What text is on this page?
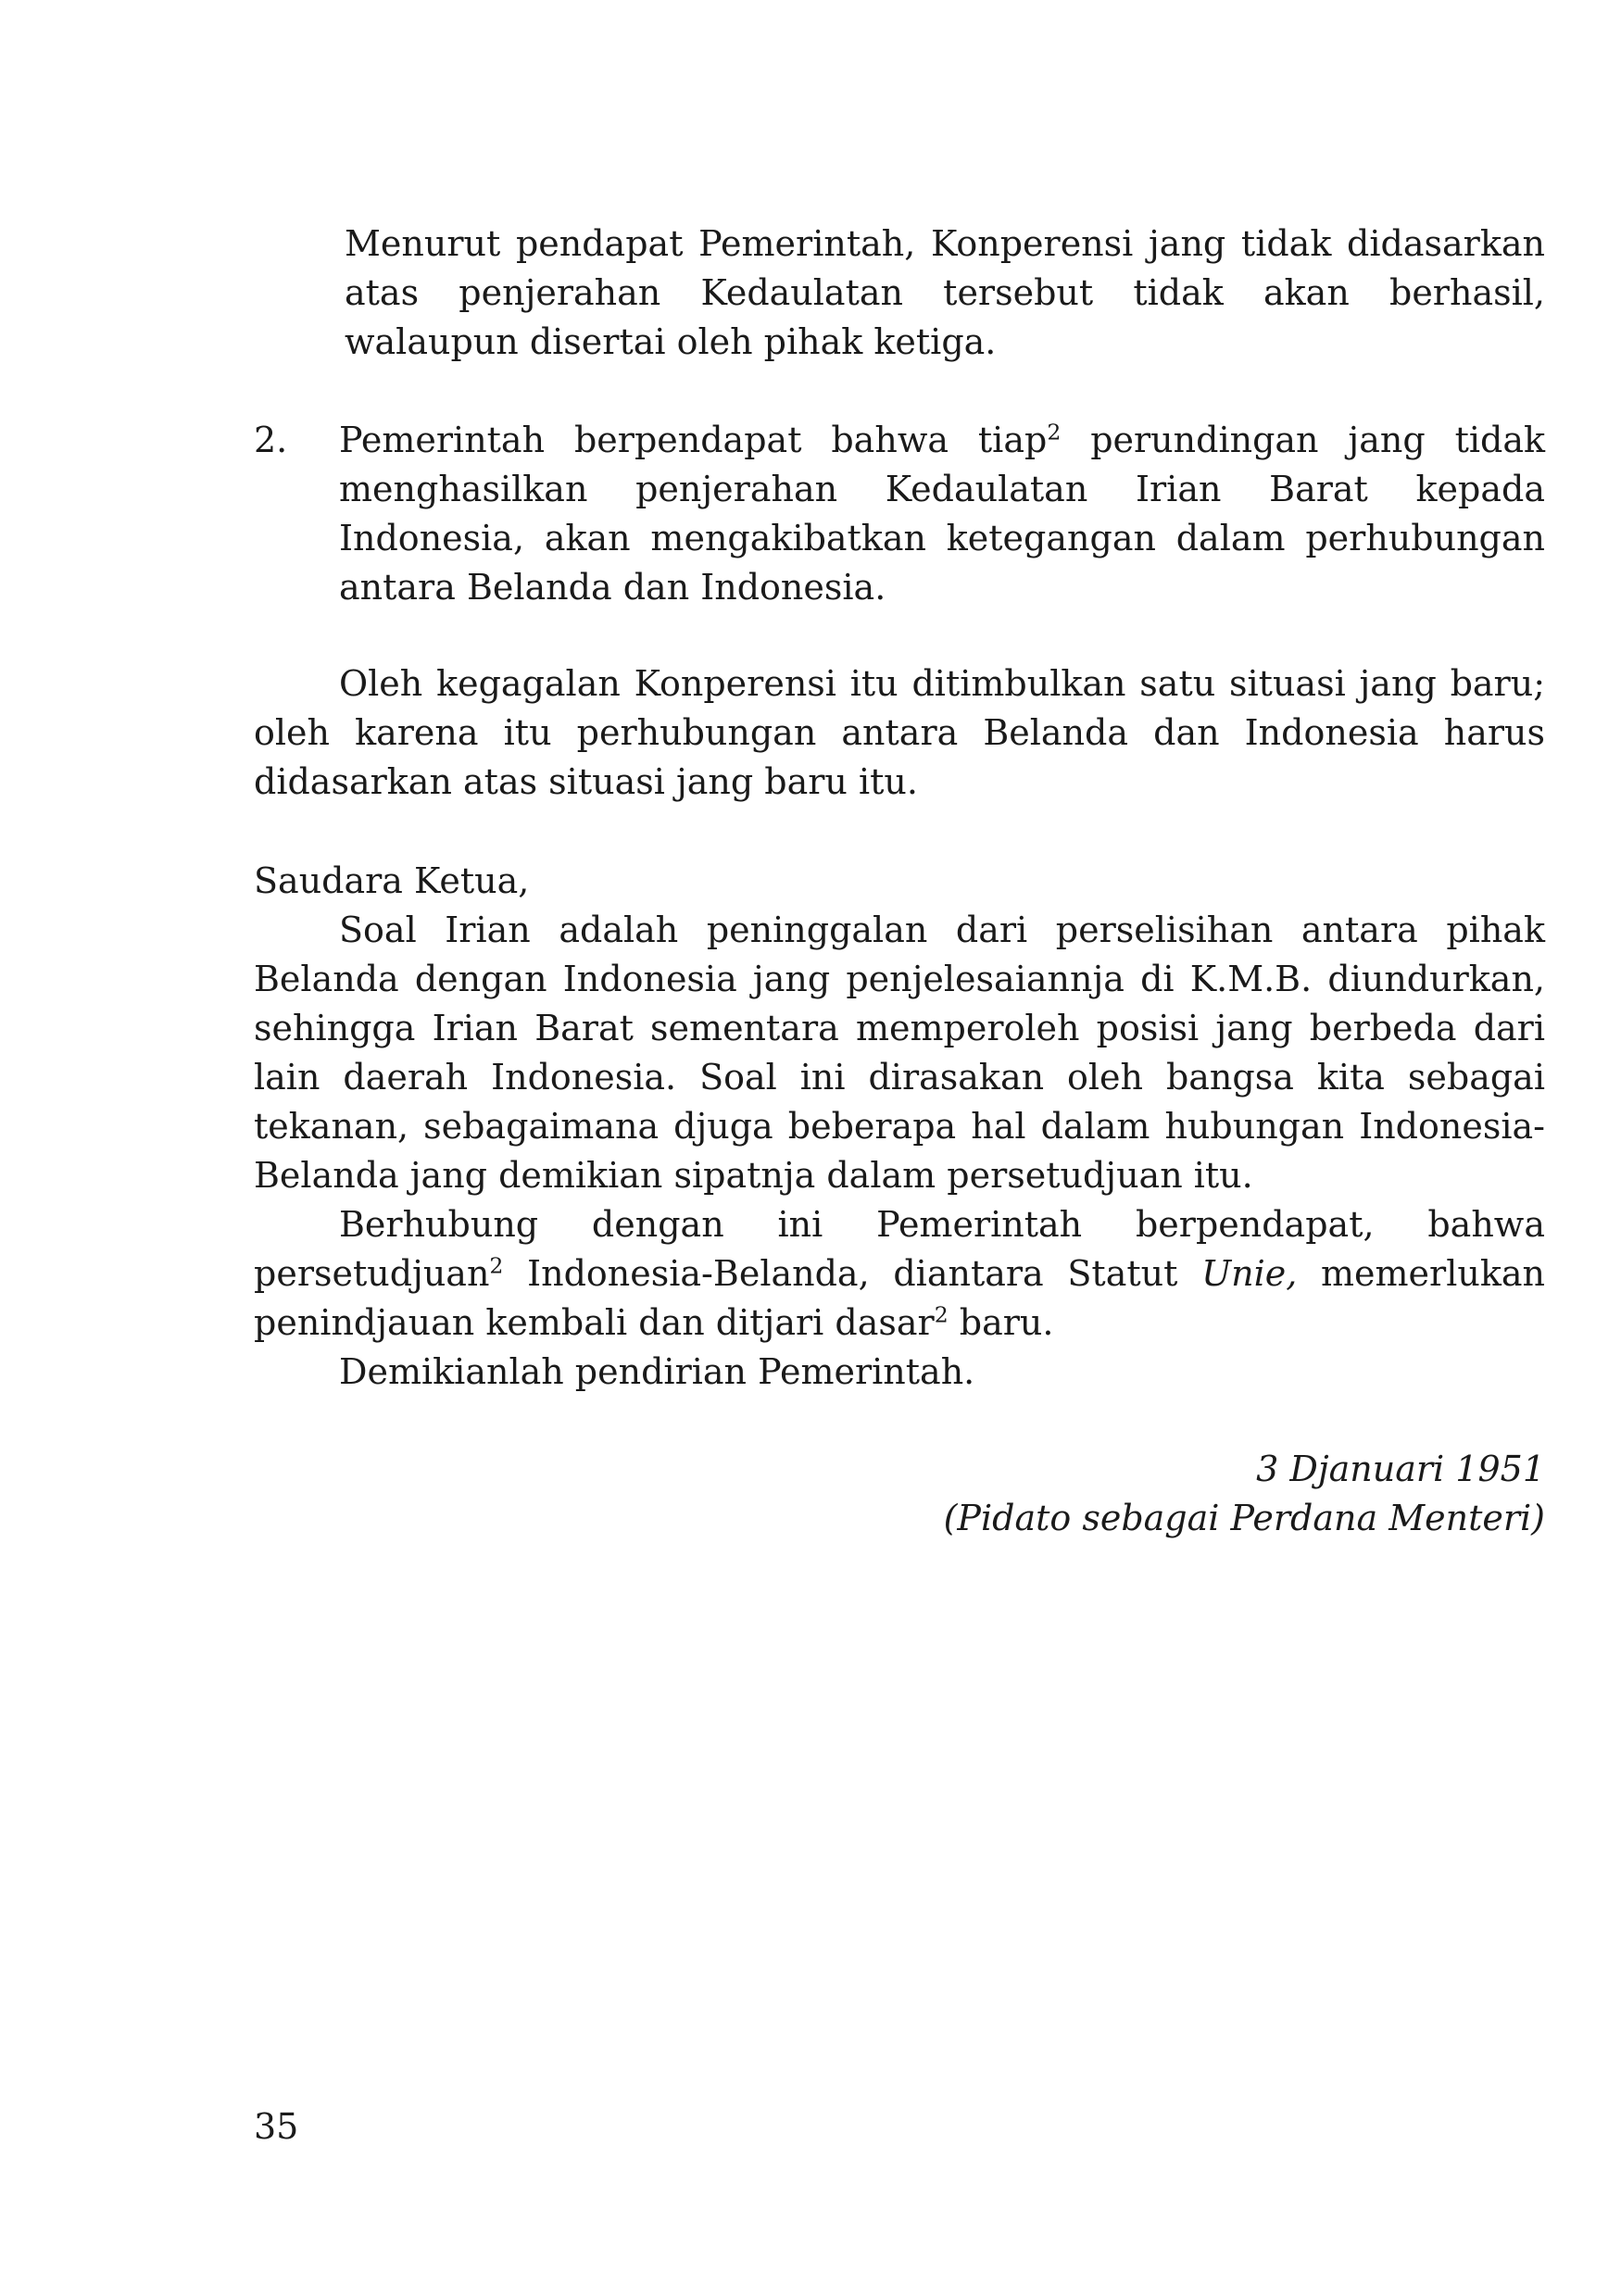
Menurut pendapat Pemerintah, Konperensi jang tidak didasarkan atas penjerahan Kedaulatan tersebut tidak akan berhasil, walaupun disertai oleh pihak ketiga.

2. Pemerintah berpendapat bahwa tiap$^2$ perundingan jang tidak menghasilkan penjerahan Kedaulatan Irian Barat kepada Indonesia, akan mengakibatkan ketegangan dalam perhubungan antara Belanda dan Indonesia.

Oleh kegagalan Konperensi itu ditimbulkan satu situasi jang baru; oleh karena itu perhubungan antara Belanda dan Indonesia harus didasarkan atas situasi jang baru itu.

Saudara Ketua,

Soal Irian adalah peninggalan dari perselisihan antara pihak Belanda dengan Indonesia jang penjelesaiannja di K.M.B. diundurkan, sehingga Irian Barat sementara memperoleh posisi jang berbeda dari lain daerah Indonesia. Soal ini dirasakan oleh bangsa kita sebagai tekanan, sebagaimana djuga beberapa hal dalam hubungan Indonesia-Belanda jang demikian sipatnja dalam persetudjuan itu.

Berhubung dengan ini Pemerintah berpendapat, bahwa persetudjuan$^2$ Indonesia-Belanda, diantara Statut Unie, memerlukan penindjauan kembali dan ditjari dasar$^2$ baru.

Demikianlah pendirian Pemerintah.

3 Djanuari 1951
(Pidato sebagai Perdana Menteri)
35
